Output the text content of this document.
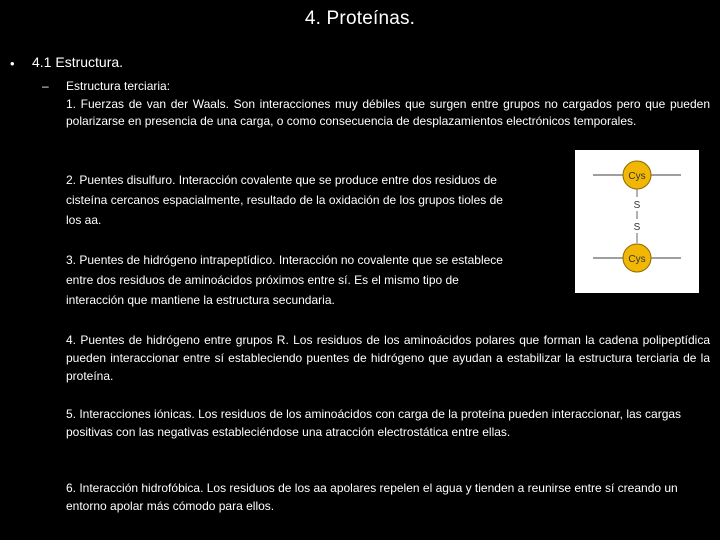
4. Proteínas.
• 4.1 Estructura.
– Estructura terciaria:

1. Fuerzas de van der Waals. Son interacciones muy débiles que surgen entre grupos no cargados pero que pueden polarizarse en presencia de una carga, o como consecuencia de desplazamientos electrónicos temporales.

2. Puentes disulfuro. Interacción covalente que se produce entre dos residuos de cisteína cercanos espacialmente, resultado de la oxidación de los grupos tioles de los aa.

3. Puentes de hidrógeno intrapeptídico. Interacción no covalente que se establece entre dos residuos de aminoácidos próximos entre sí. Es el mismo tipo de interacción que mantiene la estructura secundaria.

4. Puentes de hidrógeno entre grupos R. Los residuos de los aminoácidos polares que forman la cadena polipeptídica pueden interaccionar entre sí estableciendo puentes de hidrógeno que ayudan a estabilizar la estructura terciaria de la proteína.

5. Interacciones iónicas. Los residuos de los aminoácidos con carga de la proteína pueden interaccionar, las cargas positivas con las negativas estableciéndose una atracción electrostática entre ellas.

6. Interacción hidrofóbica. Los residuos de los aa apolares repelen el agua y tienden a reunirse entre sí creando un entorno apolar más cómodo para ellos.

Cys
S
S
Cys
